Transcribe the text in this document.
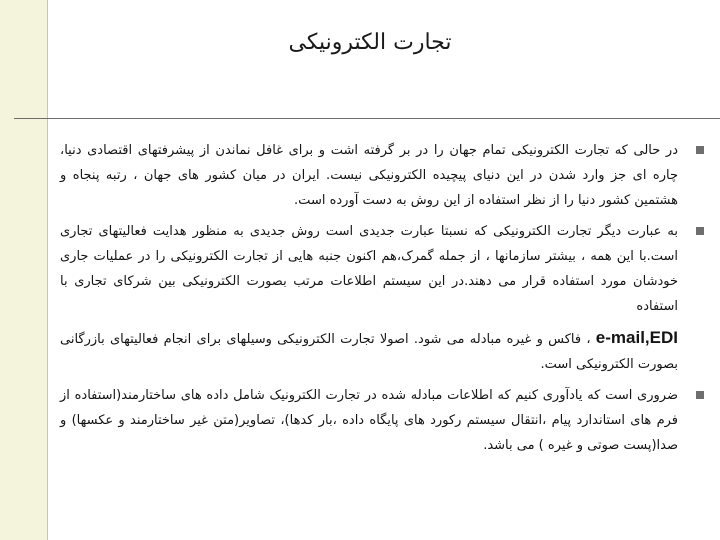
تجارت الکترونیکی
در حالی که تجارت الکترونیکی تمام جهان را در بر گرفته اشت و برای غافل نماندن از پیشرفتهای اقتصادی دنیا، چاره ای جز وارد شدن در این دنیای پیچیده الکترونیکی نیست. ایران در میان کشور های جهان ، رتبه پنجاه و هشتمین کشور دنیا را از نظر استفاده از این روش به دست آورده است.
به عبارت دیگر تجارت الکترونیکی که نسبتا عبارت جدیدی است روش جدیدی به منظور هدایت فعالیتهای تجاری است.با این همه ، بیشتر سازمانها ، از جمله گمرک،هم اکنون جنبه هایی از تجارت الکترونیکی را در عملیات جاری خودشان مورد استفاده قرار می دهند.در این سیستم اطلاعات مرتب بصورت الکترونیکی بین شرکای تجاری با استفاده
e-mail,EDI ، فاکس و غیره مبادله می شود. اصولا تجارت الکترونیکی وسیلهای برای انجام فعالیتهای بازرگانی بصورت الکترونیکی است.
ضروری است که یادآوری کنیم که اطلاعات مبادله شده در تجارت الکترونیک شامل داده های ساختارمند(استفاده از فرم های استاندارد پیام ،انتقال سیستم رکورد های پایگاه داده ،بار کدها)، تصاویر(متن غیر ساختارمند و عکسها) و صدا(پست صوتی و غیره ) می باشد.
